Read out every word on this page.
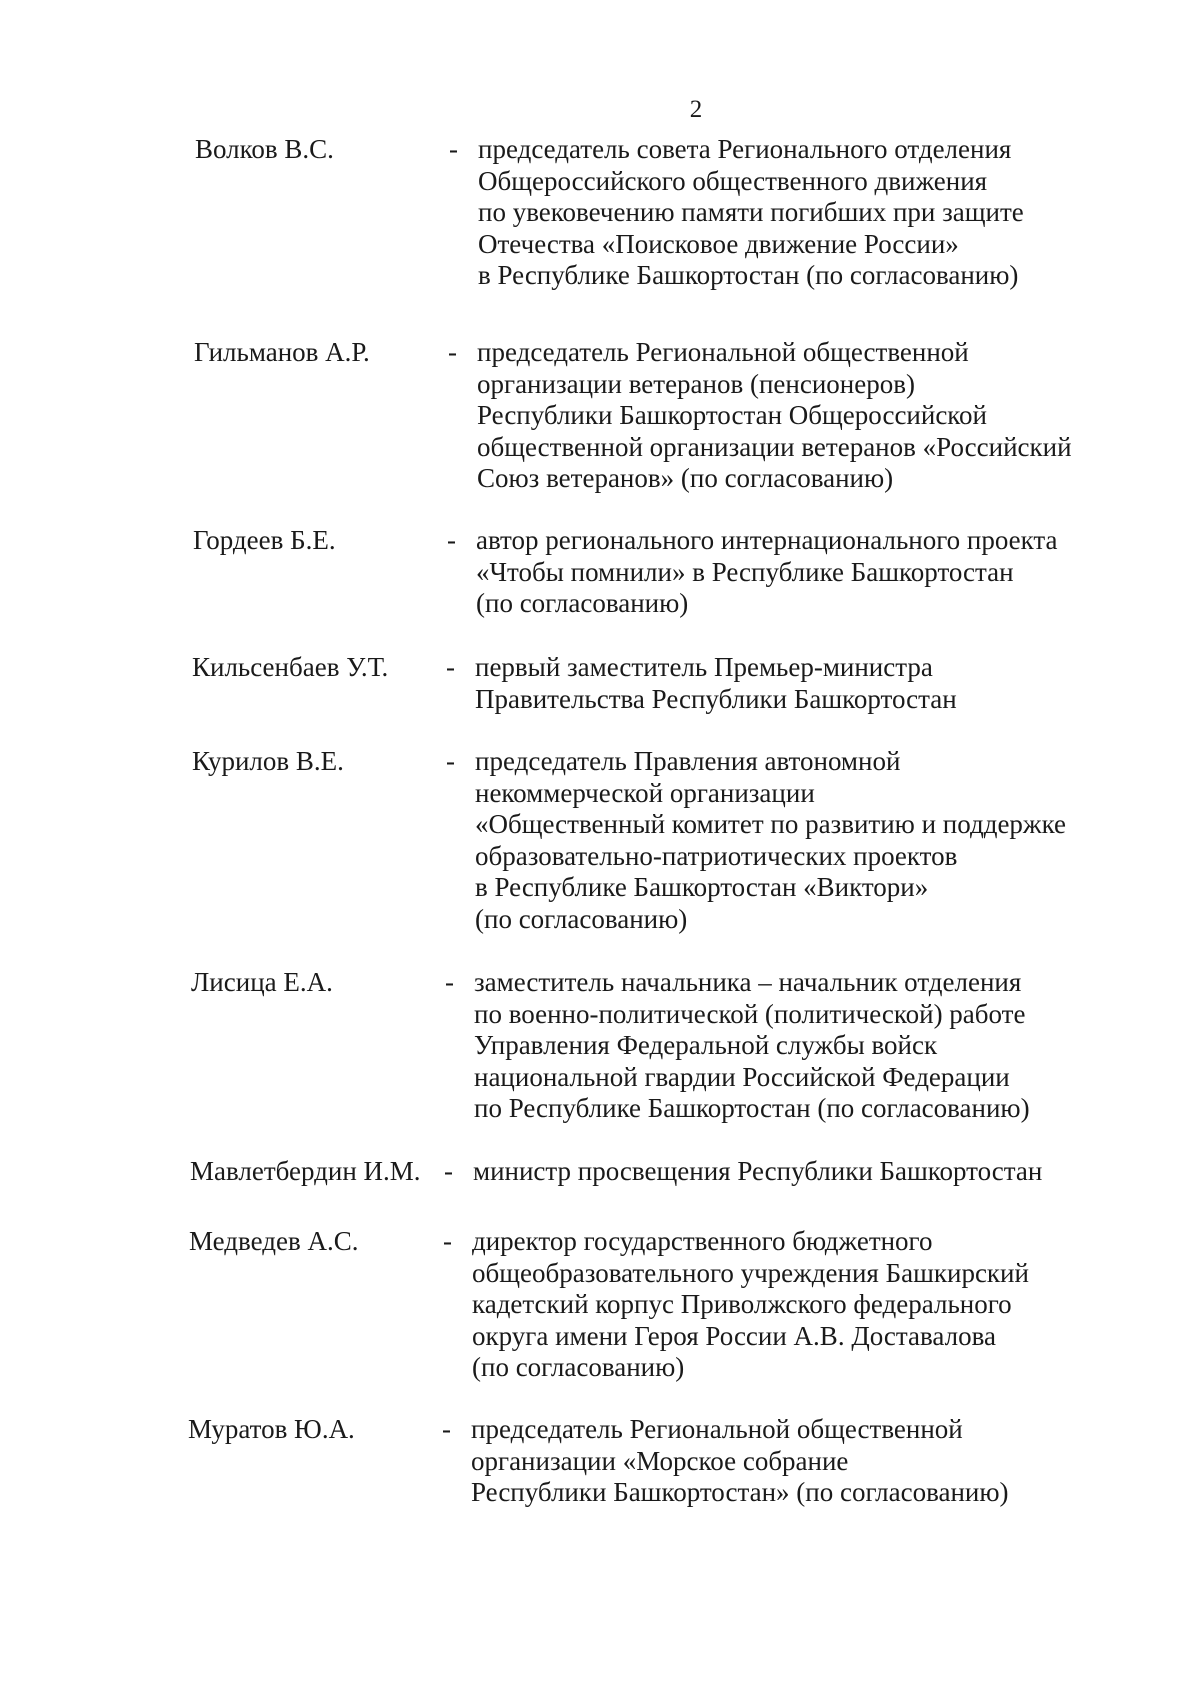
2
Волков В.С.	- председатель совета Регионального отделения
Общероссийского общественного движения
по увековечению памяти погибших при защите
Отечества «Поисковое движение России»
в Республике Башкортостан (по согласованию)
Гильманов А.Р.	- председатель Региональной общественной
организации ветеранов (пенсионеров)
Республики Башкортостан Общероссийской
общественной организации ветеранов «Российский
Союз ветеранов» (по согласованию)
Гордеев Б.Е.	- автор регионального интернационального проекта
«Чтобы помнили» в Республике Башкортостан
(по согласованию)
Кильсенбаев У.Т. - первый заместитель Премьер-министра
Правительства Республики Башкортостан
Курилов В.Е.	- председатель Правления автономной
некоммерческой организации
«Общественный комитет по развитию и поддержке
образовательно-патриотических проектов
в Республике Башкортостан «Виктори»
(по согласованию)
Лисица Е.А.	- заместитель начальника – начальник отделения
по военно-политической (политической) работе
Управления Федеральной службы войск
национальной гвардии Российской Федерации
по Республике Башкортостан (по согласованию)
Мавлетбердин И.М. - министр просвещения Республики Башкортостан
Медведев А.С.	- директор государственного бюджетного
общеобразовательного учреждения Башкирский
кадетский корпус Приволжского федерального
округа имени Героя России А.В. Доставалова
(по согласованию)
Муратов Ю.А.	- председатель Региональной общественной
организации «Морское собрание
Республики Башкортостан» (по согласованию)
